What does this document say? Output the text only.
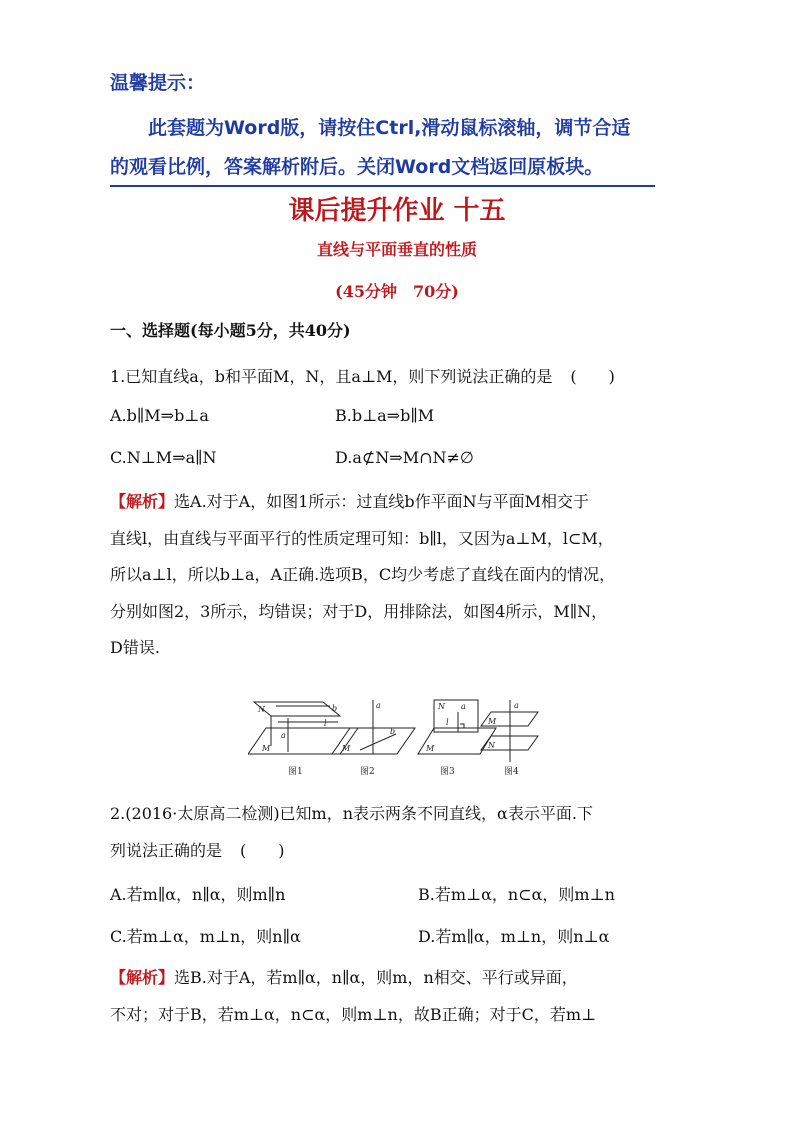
温馨提示：
此套题为Word版，请按住Ctrl,滑动鼠标滚轴，调节合适
的观看比例，答案解析附后。关闭Word文档返回原板块。
课后提升作业 十五
直线与平面垂直的性质
(45分钟　70分)
一、选择题(每小题5分，共40分)
1.已知直线a，b和平面M，N，且a⊥M，则下列说法正确的是 (　　)
A.b∥M⇒b⊥a	B.b⊥a⇒b∥M
C.N⊥M⇒a∥N	D.a⊄N⇒M∩N≠∅
【解析】选A.对于A，如图1所示：过直线b作平面N与平面M相交于
直线l，由直线与平面平行的性质定理可知：b∥l，又因为a⊥M，l⊂M，
所以a⊥l，所以b⊥a，A正确.选项B，C均少考虑了直线在面内的情况，
分别如图2，3所示，均错误；对于D，用排除法，如图4所示，M∥N，
D错误.
N	b
l
a
M
a
b
M
N a
l
M
a
M
N
图1	图2	图3	图4
2.(2016·太原高二检测)已知m，n表示两条不同直线，α表示平面.下
列说法正确的是 (　　)
A.若m∥α，n∥α，则m∥n	B.若m⊥α，n⊂α，则m⊥n
C.若m⊥α，m⊥n，则n∥α	D.若m∥α，m⊥n，则n⊥α
【解析】选B.对于A，若m∥α，n∥α，则m，n相交、平行或异面，
不对；对于B，若m⊥α，n⊂α，则m⊥n，故B正确；对于C，若m⊥
